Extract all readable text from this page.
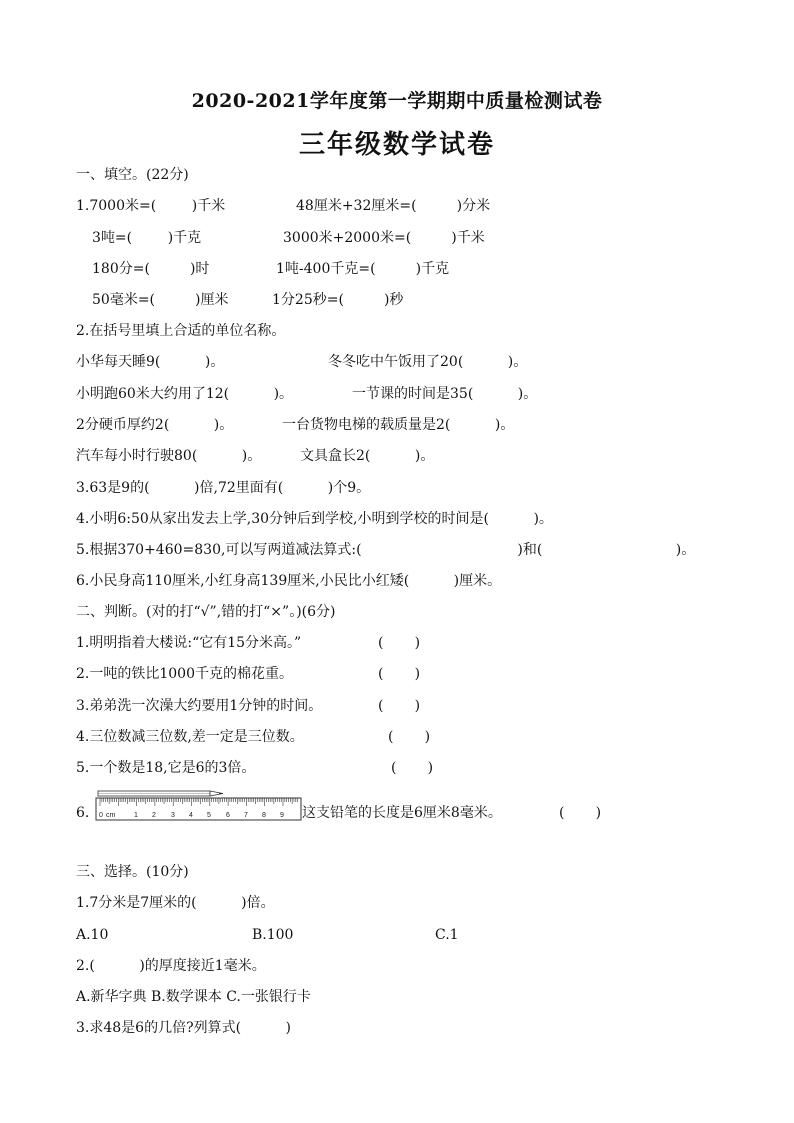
2020-2021学年度第一学期期中质量检测试卷
三年级数学试卷
一、填空。(22分)
1.7000米=(        )千米	48厘米+32厘米=(         )分米
3吨=(        )千克	3000米+2000米=(         )千米
180分=(         )时	1吨-400千克=(         )千克
50毫米=(         )厘米	1分25秒=(         )秒
2.在括号里填上合适的单位名称。
小华每天睡9(          )。	冬冬吃中午饭用了20(          )。
小明跑60米大约用了12(          )。	一节课的时间是35(          )。
2分硬币厚约2(          )。	一台货物电梯的载质量是2(          )。
汽车每小时行驶80(          )。	文具盒长2(          )。
3.63是9的(          )倍,72里面有(          )个9。
4.小明6:50从家出发去上学,30分钟后到学校,小明到学校的时间是(          )。
5.根据370+460=830,可以写两道减法算式:(                                   )和(                              )。
6.小民身高110厘米,小红身高139厘米,小民比小红矮(          )厘米。
二、判断。(对的打“√”,错的打“×”。)(6分)
1.明明指着大楼说:“它有15分米高。”	(       )
2.一吨的铁比1000千克的棉花重。	(       )
3.弟弟洗一次澡大约要用1分钟的时间。	(       )
4.三位数减三位数,差一定是三位数。	(       )
5.一个数是18,它是6的3倍。	(       )
6. 0 cm	1 2 3 4 5 6 7 8 9 这支铅笔的长度是6厘米8毫米。	(       )
三、选择。(10分)
1.7分米是7厘米的(          )倍。
A.10	B.100	C.1
2.(          )的厚度接近1毫米。
A.新华字典 B.数学课本 C.一张银行卡
3.求48是6的几倍?列算式(          )
